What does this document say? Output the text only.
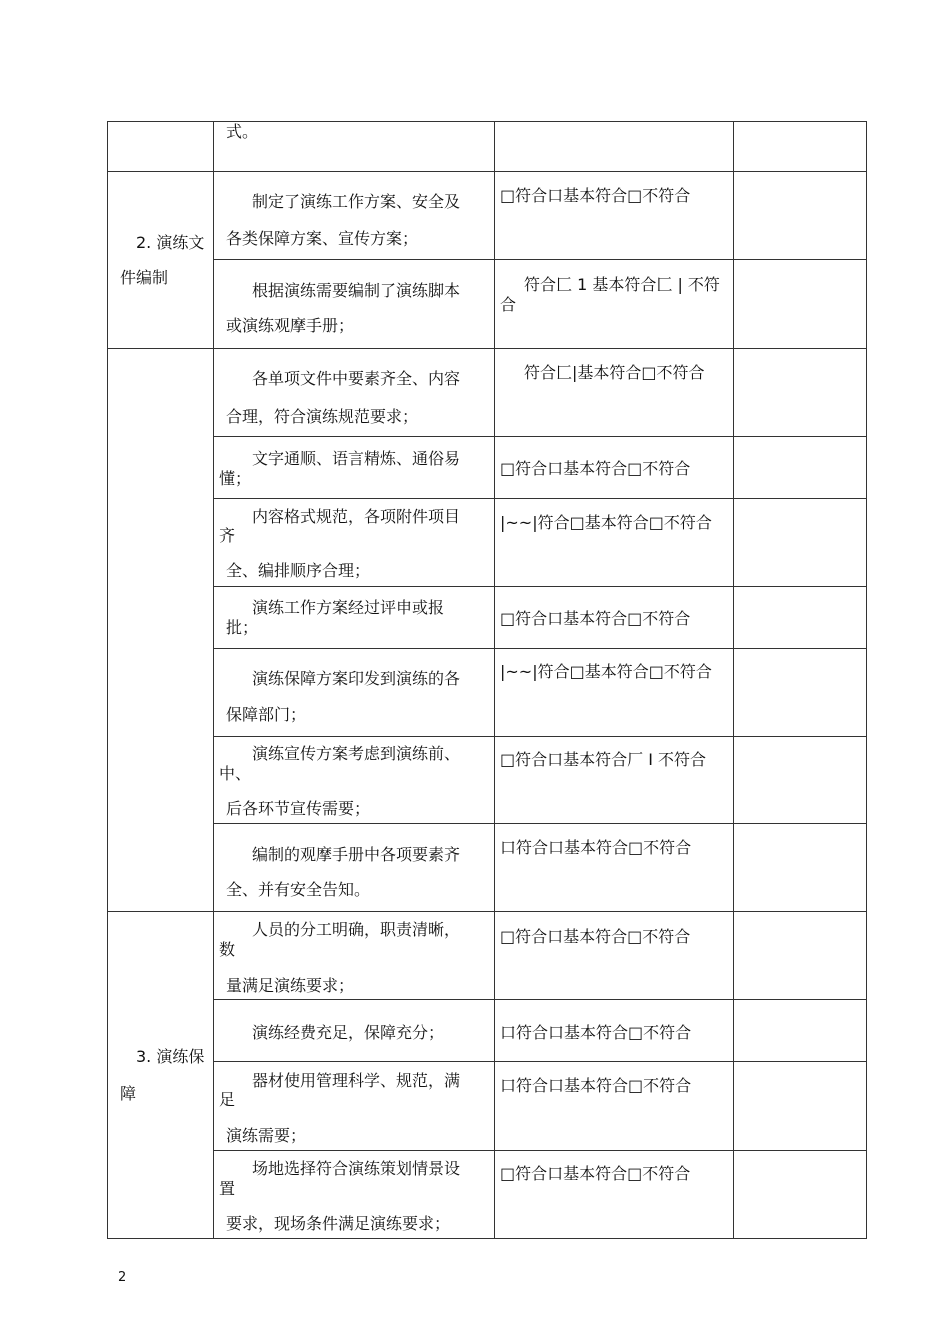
式。
制定了演练工作方案、安全及
各类保障方案、宣传方案；
□符合口基本符合□不符合
根据演练需要编制了演练脚本
或演练观摩手册；
符合匚 1 基本符合匚 | 不符
合
各单项文件中要素齐全、内容
合理，符合演练规范要求；
符合匚|基本符合□不符合
文字通顺、语言精炼、通俗易
懂；
□符合口基本符合□不符合
内容格式规范，各项附件项目
齐
全、编排顺序合理；
|~~|符合□基本符合□不符合
演练工作方案经过评申或报
批；	□符合口基本符合□不符合
演练保障方案印发到演练的各
保障部门；
|~~|符合□基本符合□不符合
演练宣传方案考虑到演练前、
中、
后各环节宣传需要；
□符合口基本符合厂 I 不符合
编制的观摩手册中各项要素齐
全、并有安全告知。
口符合口基本符合□不符合
人员的分工明确，职责清晰，
数
量满足演练要求；
□符合口基本符合□不符合
演练经费充足，保障充分；	口符合口基本符合□不符合
器材使用管理科学、规范，满
足
演练需要；
口符合口基本符合□不符合
场地选择符合演练策划情景设
置
要求，现场条件满足演练要求；
□符合口基本符合□不符合
2. 演练文
件编制
3. 演练保
障
2
